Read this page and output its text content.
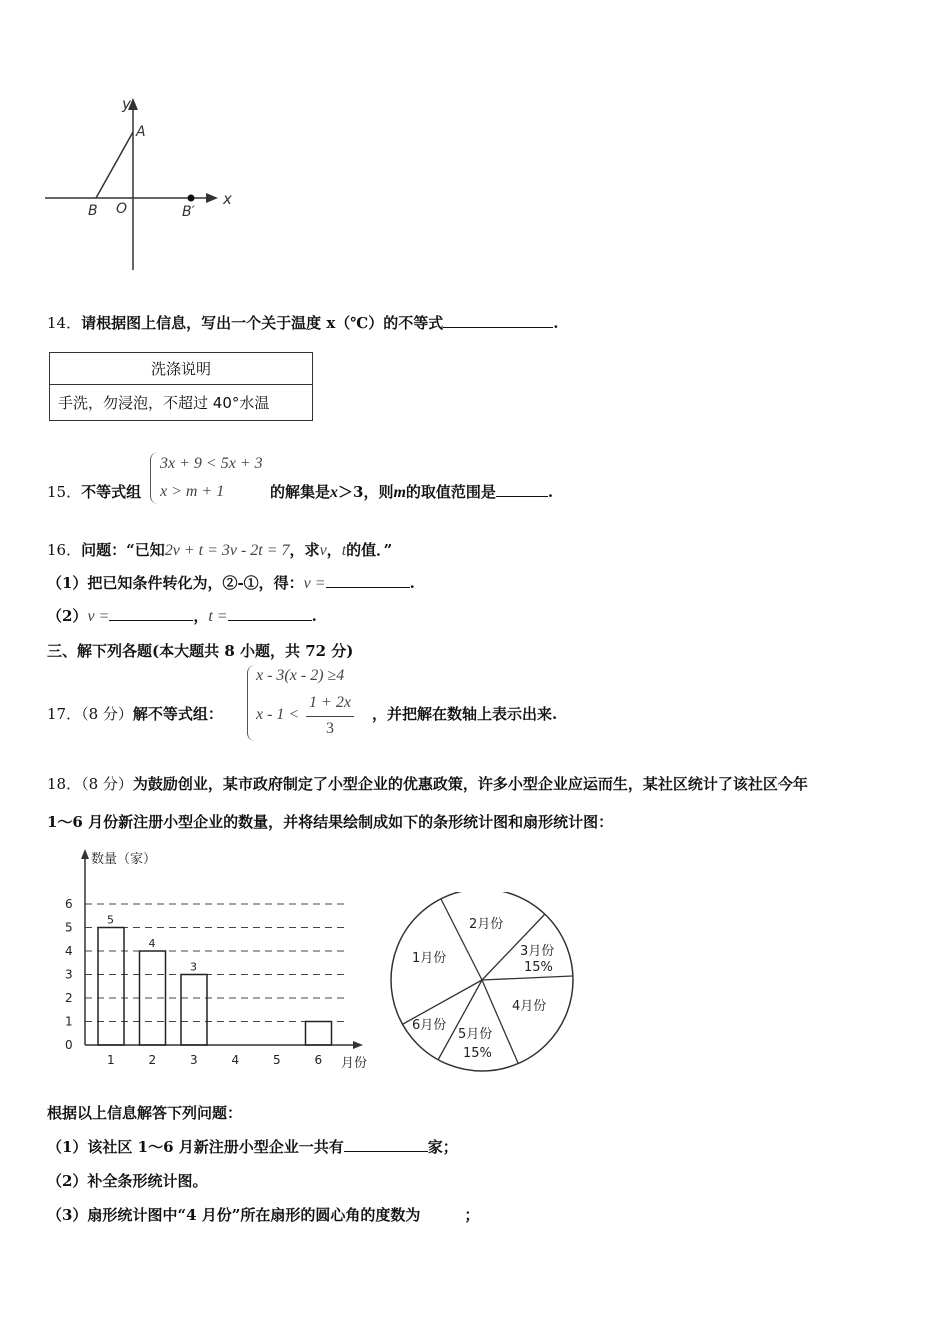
y
x
A
B O	B′
14．请根据图上信息，写出一个关于温度 x（℃）的不等式	.
洗涤说明
手洗，勿浸泡，不超过 40°水温
15．不等式组
3x + 9 < 5x + 3
x > m + 1	的解集是x＞3，则m的取值范围是	.
16．问题：“已知2v + t = 3v - 2t = 7，求v，t的值．”
（1）把已知条件转化为，②-①，得：v =	.
（2）v =	，t =	.
三、解下列各题(本大题共 8 小题，共 72 分)
17．（8 分）解不等式组：
x - 3(x - 2) ≥4
x - 1 <
1 + 2x
3
，并把解在数轴上表示出来.
18．（8 分）为鼓励创业，某市政府制定了小型企业的优惠政策，许多小型企业应运而生，某社区统计了该社区今年
1～6 月份新注册小型企业的数量，并将结果绘制成如下的条形统计图和扇形统计图：
0
1
2
3
4
5
6
数量（家）
月份
1
5
2
4
3
3
4	5	6
1月份
2月份
3月份
15%
4月份
5月份
15%
6月份
根据以上信息解答下列问题：
（1）该社区 1～6 月新注册小型企业一共有	家；
（2）补全条形统计图。
（3）扇形统计图中“4 月份”所在扇形的圆心角的度数为	；
